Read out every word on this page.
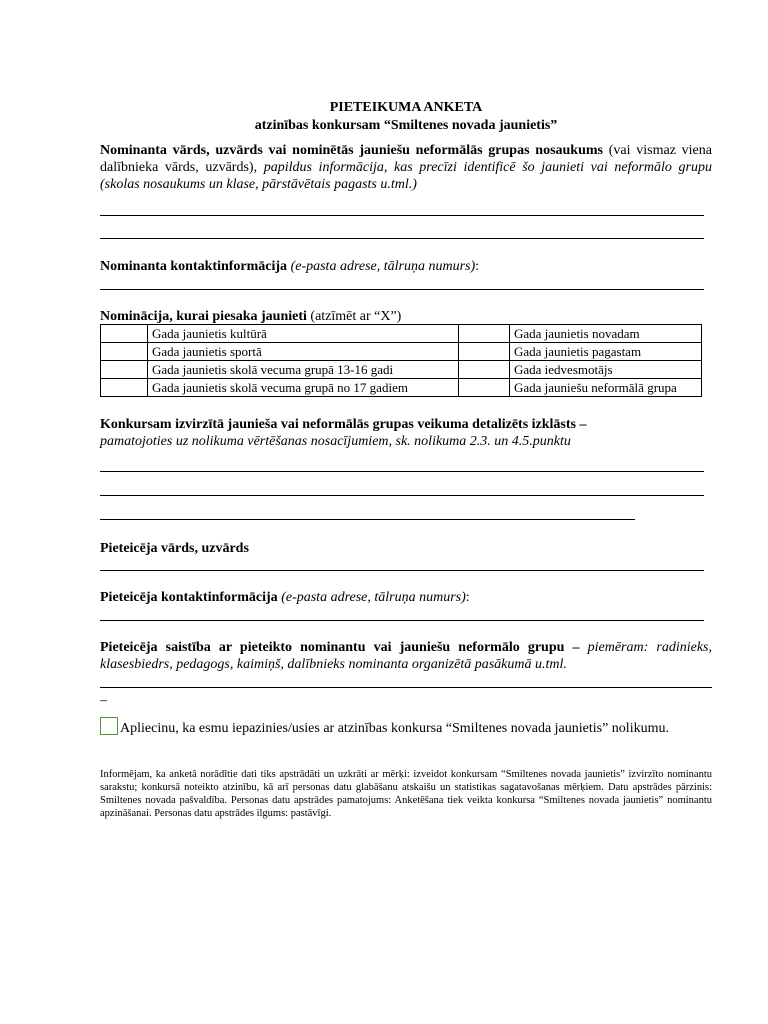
PIETEIKUMA ANKETA
atzinības konkursam “Smiltenes novada jaunietis”
Nominanta vārds, uzvārds vai nominētās jauniešu neformālās grupas nosaukums (vai vismaz viena dalībnieka vārds, uzvārds), papildus informācija, kas precīzi identificē šo jaunieti vai neformālo grupu (skolas nosaukums un klase, pārstāvētais pagasts u.tml.)
Nominanta kontaktinformācija (e-pasta adrese, tālruņa numurs):
Nominācija, kurai piesaka jaunieti (atzīmēt ar “X”)
	Gada jaunietis kultūrā		Gada jaunietis novadam
	Gada jaunietis sportā		Gada jaunietis pagastam
	Gada jaunietis skolā vecuma grupā 13-16 gadi		Gada iedvesmotājs
	Gada jaunietis skolā vecuma grupā no 17 gadiem		Gada jauniešu neformālā grupa
Konkursam izvirzītā jaunieša vai neformālās grupas veikuma detalizēts izklāsts –
pamatojoties uz nolikuma vērtēšanas nosacījumiem, sk. nolikuma 2.3. un 4.5.punktu
Pieteicēja vārds, uzvārds
Pieteicēja kontaktinformācija (e-pasta adrese, tālruņa numurs):
Pieteicēja saistība ar pieteikto nominantu vai jauniešu neformālo grupu – piemēram: radinieks, klasesbiedrs, pedagogs, kaimiņš, dalībnieks nominanta organizētā pasākumā u.tml.
–
Apliecinu, ka esmu iepazinies/usies ar atzinības konkursa “Smiltenes novada jaunietis” nolikumu.
Informējam, ka anketā norādītie dati tiks apstrādāti un uzkrāti ar mērķi: izveidot konkursam “Smiltenes novada jaunietis” izvirzīto nominantu sarakstu; konkursā noteikto atzinību, kā arī personas datu glabāšanu atskaišu un statistikas sagatavošanas mērķiem. Datu apstrādes pārzinis: Smiltenes novada pašvaldība. Personas datu apstrādes pamatojums: Anketēšana tiek veikta konkursa “Smiltenes novada jaunietis” nominantu apzināšanai. Personas datu apstrādes ilgums: pastāvīgi.
